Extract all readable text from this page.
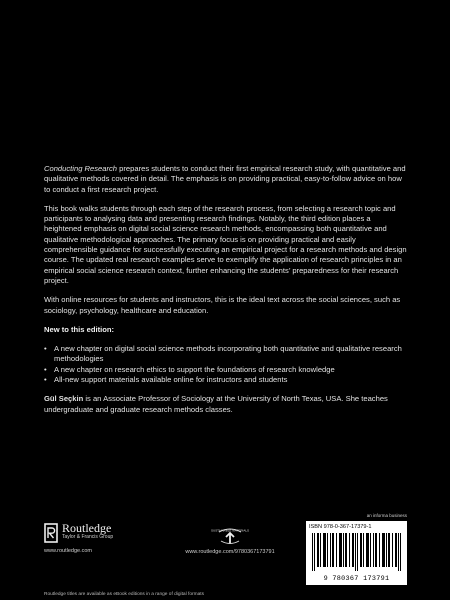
Conducting Research prepares students to conduct their first empirical research study, with quantitative and qualitative methods covered in detail. The emphasis is on providing practical, easy-to-follow advice on how to conduct a first research project.

This book walks students through each step of the research process, from selecting a research topic and participants to analysing data and presenting research findings. Notably, the third edition places a heightened emphasis on digital social science research methods, encompassing both quantitative and qualitative methodological approaches. The primary focus is on providing practical and easily comprehensible guidance for successfully executing an empirical project for a research methods and design course. The updated real research examples serve to exemplify the application of research principles in an empirical social science research context, further enhancing the students’ preparedness for their research project.

With online resources for students and instructors, this is the ideal text across the social sciences, such as sociology, psychology, healthcare and education.

New to this edition:

• A new chapter on digital social science methods incorporating both quantitative and qualitative research methodologies
• A new chapter on research ethics to support the foundations of research knowledge
• All-new support materials available online for instructors and students

Gül Seçkin is an Associate Professor of Sociology at the University of North Texas, USA. She teaches undergraduate and graduate research methods classes.

Routledge
Taylor & Francis Group
www.routledge.com
SUSTAINABLE MATERIALS
www.routledge.com/9780367173791
an informa business
ISBN 978-0-367-17379-1
9 780367 173791
Routledge titles are available as eBook editions in a range of digital formats
